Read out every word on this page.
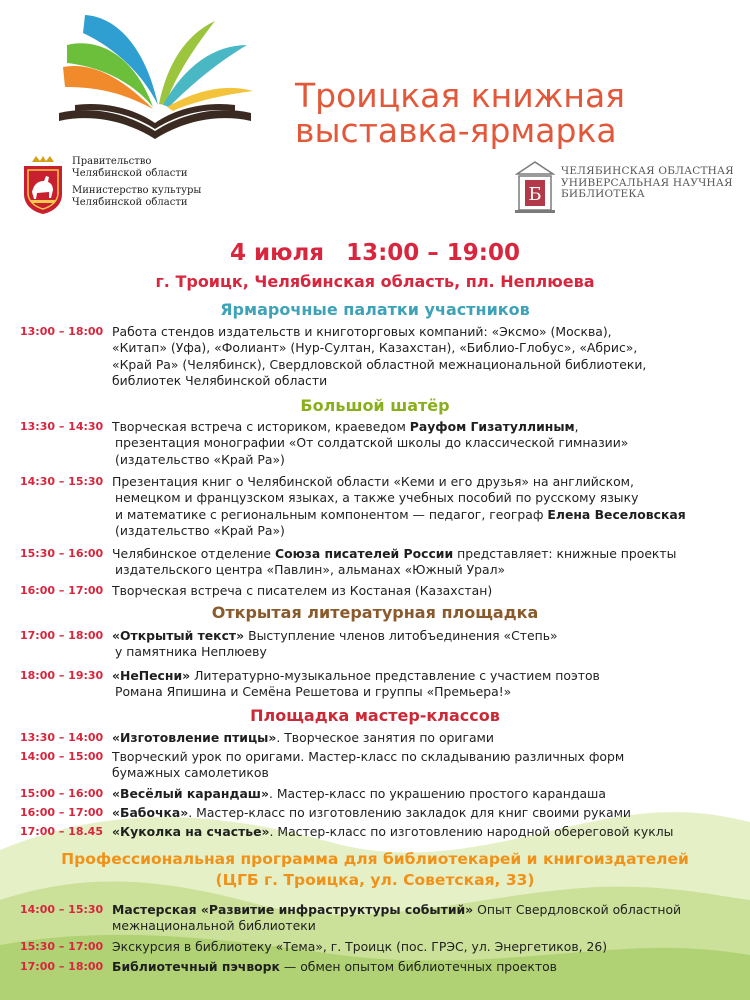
Троицкая книжная
выставка-ярмарка
Правительство
Челябинской области
Министерство культуры
Челябинской области	Б
ЧЕЛЯБИНСКАЯ ОБЛАСТНАЯ
УНИВЕРСАЛЬНАЯ НАУЧНАЯ
БИБЛИОТЕКА
4 июля 13:00 – 19:00
г. Троицк, Челябинская область, пл. Неплюева
Ярмарочные палатки участников
13:00 – 18:00 Работа стендов издательств и книготорговых компаний: «Эксмо» (Москва),
«Китап» (Уфа), «Фолиант» (Нур-Султан, Казахстан), «Библио-Глобус», «Абрис»,
«Край Ра» (Челябинск), Свердловской областной межнациональной библиотеки,
библиотек Челябинской области
Большой шатёр
13:30 – 14:30 Творческая встреча с историком, краеведом Рауфом Гизатуллиным,
презентация монографии «От солдатской школы до классической гимназии»
(издательство «Край Ра»)
14:30 – 15:30 Презентация книг о Челябинской области «Кеми и его друзья» на английском,
немецком и французском языках, а также учебных пособий по русскому языку
и математике с региональным компонентом — педагог, географ Елена Веселовская
(издательство «Край Ра»)
15:30 – 16:00 Челябинское отделение Союза писателей России представляет: книжные проекты
издательского центра «Павлин», альманах «Южный Урал»
16:00 – 17:00 Творческая встреча с писателем из Костаная (Казахстан)
Открытая литературная площадка
17:00 – 18:00 «Открытый текст» Выступление членов литобъединения «Степь»
у памятника Неплюеву
18:00 – 19:30 «НеПесни» Литературно-музыкальное представление с участием поэтов
Романа Япишина и Семёна Решетова и группы «Премьера!»
Площадка мастер-классов
13:30 – 14:00 «Изготовление птицы». Творческое занятия по оригами
14:00 – 15:00 Творческий урок по оригами. Мастер-класс по складыванию различных форм
бумажных самолетиков
15:00 – 16:00 «Весёлый карандаш». Мастер-класс по украшению простого карандаша
16:00 – 17:00 «Бабочка». Мастер-класс по изготовлению закладок для книг своими руками
17:00 – 18.45 «Куколка на счастье». Мастер-класс по изготовлению народной обереговой куклы
Профессиональная программа для библиотекарей и книгоиздателей
(ЦГБ г. Троицка, ул. Советская, 33)
14:00 – 15:30 Мастерская «Развитие инфраструктуры событий» Опыт Свердловской областной
межнациональной библиотеки
15:30 – 17:00 Экскурсия в библиотеку «Тема», г. Троицк (пос. ГРЭС, ул. Энергетиков, 26)
17:00 – 18:00 Библиотечный пэчворк — обмен опытом библиотечных проектов
